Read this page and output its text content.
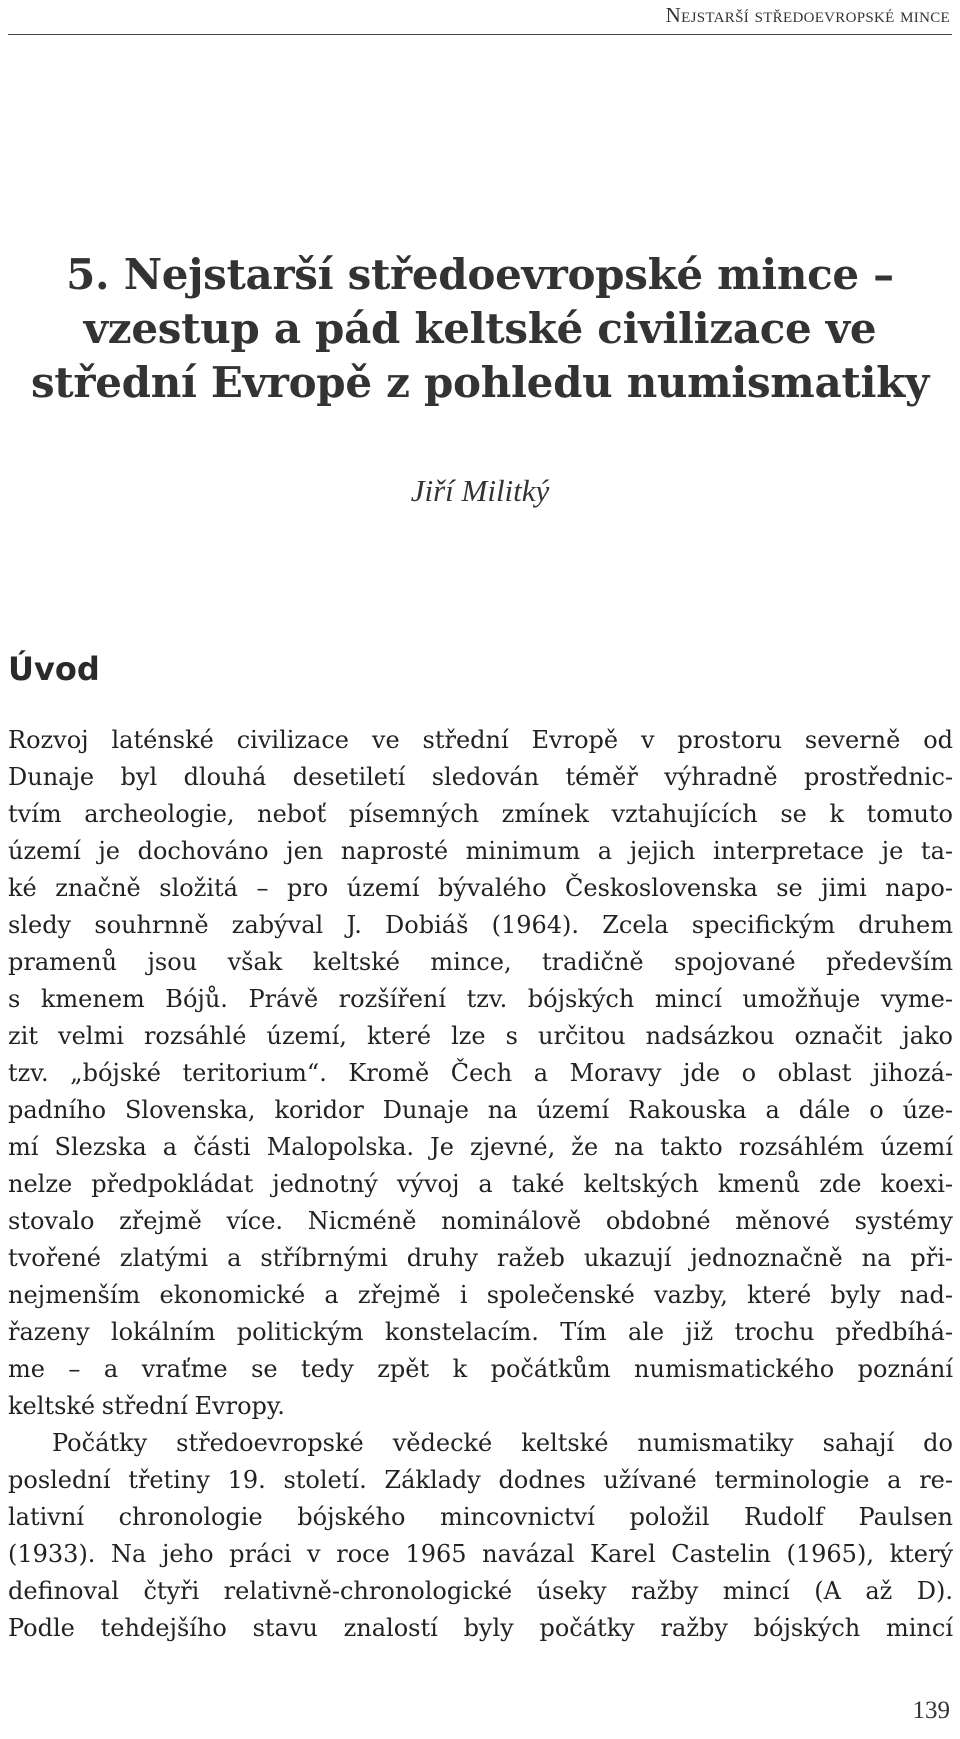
Nejstarší středoevropské mince
5. Nejstarší středoevropské mince –
vzestup a pád keltské civilizace ve
střední Evropě z pohledu numismatiky
Jiří Militký
Úvod

Rozvoj laténské civilizace ve střední Evropě v prostoru severně od

Dunaje byl dlouhá desetiletí sledován téměř výhradně prostřednic-

tvím archeologie, neboť písemných zmínek vztahujících se k tomuto

území je dochováno jen naprosté minimum a jejich interpretace je ta-

ké značně složitá – pro území bývalého Československa se jimi napo-

sledy souhrnně zabýval J. Dobiáš (1964). Zcela specifickým druhem

pramenů jsou však keltské mince, tradičně spojované především

s kmenem Bójů. Právě rozšíření tzv. bójských mincí umožňuje vyme-

zit velmi rozsáhlé území, které lze s určitou nadsázkou označit jako

tzv. „bójské teritorium“. Kromě Čech a Moravy jde o oblast jihozá-

padního Slovenska, koridor Dunaje na území Rakouska a dále o úze-

mí Slezska a části Malopolska. Je zjevné, že na takto rozsáhlém území

nelze předpokládat jednotný vývoj a také keltských kmenů zde koexi-

stovalo zřejmě více. Nicméně nominálově obdobné měnové systémy

tvořené zlatými a stříbrnými druhy ražeb ukazují jednoznačně na při-

nejmenším ekonomické a zřejmě i společenské vazby, které byly nad-

řazeny lokálním politickým konstelacím. Tím ale již trochu předbíhá-

me – a vraťme se tedy zpět k počátkům numismatického poznání

keltské střední Evropy.

Počátky středoevropské vědecké keltské numismatiky sahají do

poslední třetiny 19. století. Základy dodnes užívané terminologie a re-

lativní chronologie bójského mincovnictví položil Rudolf Paulsen

(1933). Na jeho práci v roce 1965 navázal Karel Castelin (1965), který

definoval čtyři relativně-chronologické úseky ražby mincí (A až D).

Podle tehdejšího stavu znalostí byly počátky ražby bójských mincí

139
